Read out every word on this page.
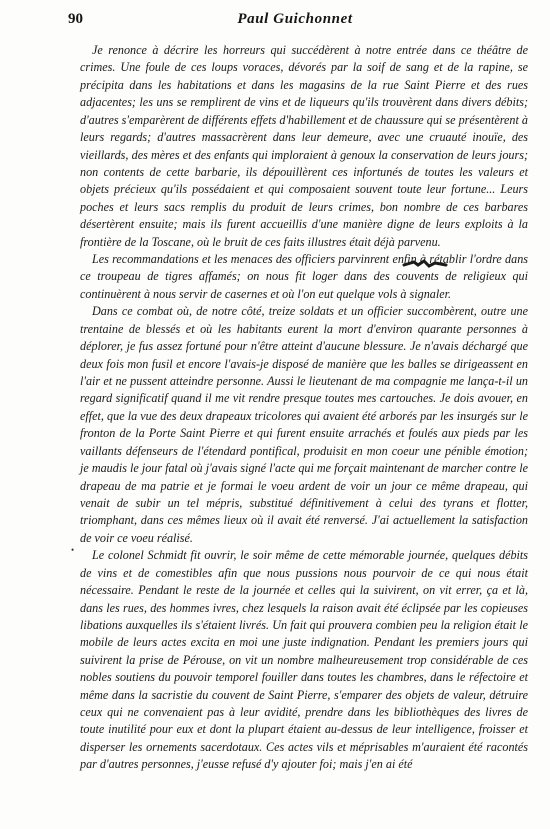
90	Paul Guichonnet

Je renonce à décrire les horreurs qui succédèrent à notre entrée dans ce théâtre de crimes. Une foule de ces loups voraces, dévorés par la soif de sang et de la rapine, se précipita dans les habitations et dans les magasins de la rue Saint Pierre et des rues adjacentes; les uns se remplirent de vins et de liqueurs qu'ils trouvèrent dans divers débits; d'autres s'emparèrent de différents effets d'habillement et de chaussure qui se présentèrent à leurs regards; d'autres massacrèrent dans leur demeure, avec une cruauté inouïe, des vieillards, des mères et des enfants qui imploraient à genoux la conservation de leurs jours; non contents de cette barbarie, ils dépouillèrent ces infortunés de toutes les valeurs et objets précieux qu'ils possédaient et qui composaient souvent toute leur fortune... Leurs poches et leurs sacs remplis du produit de leurs crimes, bon nombre de ces barbares désertèrent ensuite; mais ils furent accueillis d'une manière digne de leurs exploits à la frontière de la Toscane, où le bruit de ces faits illustres était déjà parvenu.

Les recommandations et les menaces des officiers parvinrent enfin à rétablir l'ordre dans ce troupeau de tigres affamés; on nous fit loger dans des couvents de religieux qui continuèrent à nous servir de casernes et où l'on eut quelque vols à signaler.

Dans ce combat où, de notre côté, treize soldats et un officier succombèrent, outre une trentaine de blessés et où les habitants eurent la mort d'environ quarante personnes à déplorer, je fus assez fortuné pour n'être atteint d'aucune blessure. Je n'avais déchargé que deux fois mon fusil et encore l'avais-je disposé de manière que les balles se dirigeassent en l'air et ne pussent atteindre personne. Aussi le lieutenant de ma compagnie me lança-t-il un regard significatif quand il me vit rendre presque toutes mes cartouches. Je dois avouer, en effet, que la vue des deux drapeaux tricolores qui avaient été arborés par les insurgés sur le fronton de la Porte Saint Pierre et qui furent ensuite arrachés et foulés aux pieds par les vaillants défenseurs de l'étendard pontifical, produisit en mon coeur une pénible émotion; je maudis le jour fatal où j'avais signé l'acte qui me forçait maintenant de marcher contre le drapeau de ma patrie et je formai le voeu ardent de voir un jour ce même drapeau, qui venait de subir un tel mépris, substitué définitivement à celui des tyrans et flotter, triomphant, dans ces mêmes lieux où il avait été renversé. J'ai actuellement la satisfaction de voir ce voeu réalisé.

Le colonel Schmidt fit ouvrir, le soir même de cette mémorable journée, quelques débits de vins et de comestibles afin que nous pussions nous pourvoir de ce qui nous était nécessaire. Pendant le reste de la journée et celles qui la suivirent, on vit errer, ça et là, dans les rues, des hommes ivres, chez lesquels la raison avait été éclipsée par les copieuses libations auxquelles ils s'étaient livrés. Un fait qui prouvera combien peu la religion était le mobile de leurs actes excita en moi une juste indignation. Pendant les premiers jours qui suivirent la prise de Pérouse, on vit un nombre malheureusement trop considérable de ces nobles soutiens du pouvoir temporel fouiller dans toutes les chambres, dans le réfectoire et même dans la sacristie du couvent de Saint Pierre, s'emparer des objets de valeur, détruire ceux qui ne convenaient pas à leur avidité, prendre dans les bibliothèques des livres de toute inutilité pour eux et dont la plupart étaient au-dessus de leur intelligence, froisser et disperser les ornements sacerdotaux. Ces actes vils et méprisables m'auraient été racontés par d'autres personnes, j'eusse refusé d'y ajouter foi; mais j'en ai été

•
